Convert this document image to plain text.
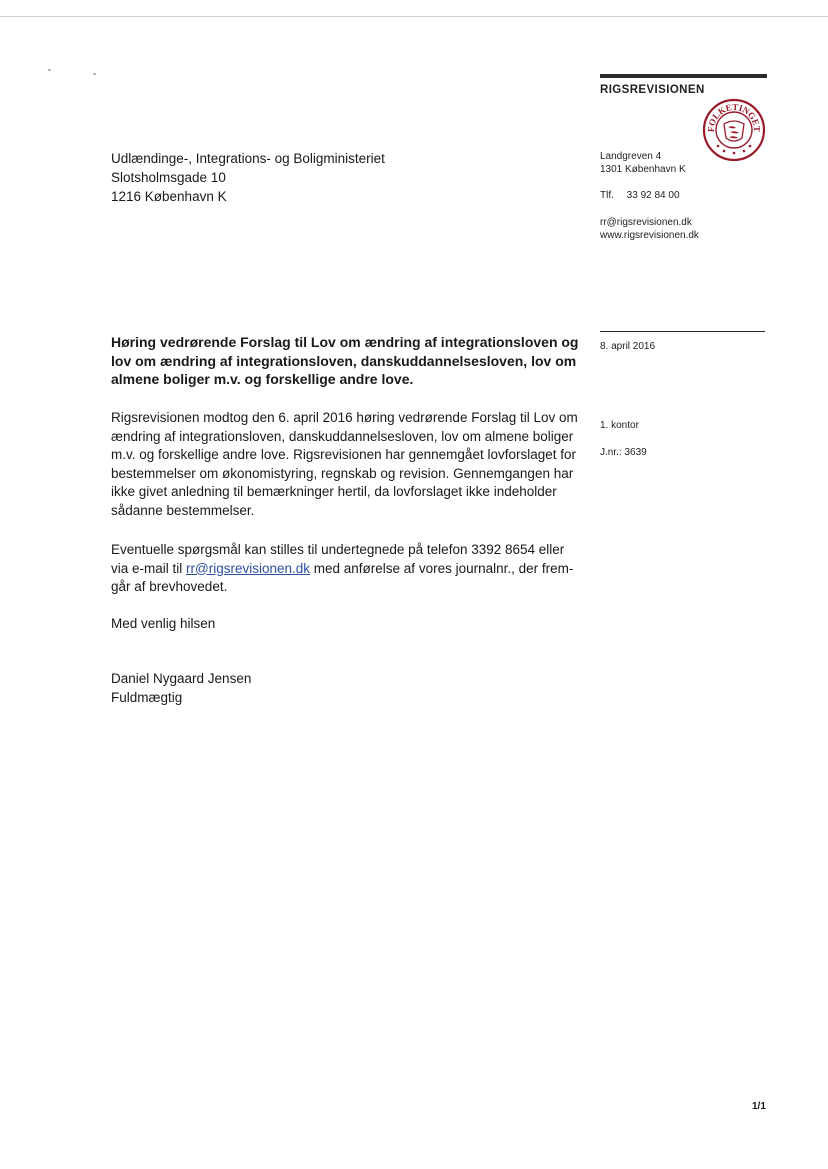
RIGSREVISIONEN
FOLKETINGET
Landgreven 4
1301 København K
Tlf. 33 92 84 00
rr@rigsrevisionen.dk
www.rigsrevisionen.dk
8. april 2016
1. kontor
J.nr.: 3639
Udlændinge-, Integrations- og Boligministeriet
Slotsholmsgade 10
1216 København K
Høring vedrørende Forslag til Lov om ændring af integrationsloven og
lov om ændring af integrationsloven, danskuddannelsesloven, lov om
almene boliger m.v. og forskellige andre love.
Rigsrevisionen modtog den 6. april 2016 høring vedrørende Forslag til Lov om
ændring af integrationsloven, danskuddannelsesloven, lov om almene boliger
m.v. og forskellige andre love. Rigsrevisionen har gennemgået lovforslaget for
bestemmelser om økonomistyring, regnskab og revision. Gennemgangen har
ikke givet anledning til bemærkninger hertil, da lovforslaget ikke indeholder
sådanne bestemmelser.
Eventuelle spørgsmål kan stilles til undertegnede på telefon 3392 8654 eller
via e-mail til rr@rigsrevisionen.dk med anførelse af vores journalnr., der frem-
går af brevhovedet.
Med venlig hilsen
Daniel Nygaard Jensen
Fuldmægtig
1/1
